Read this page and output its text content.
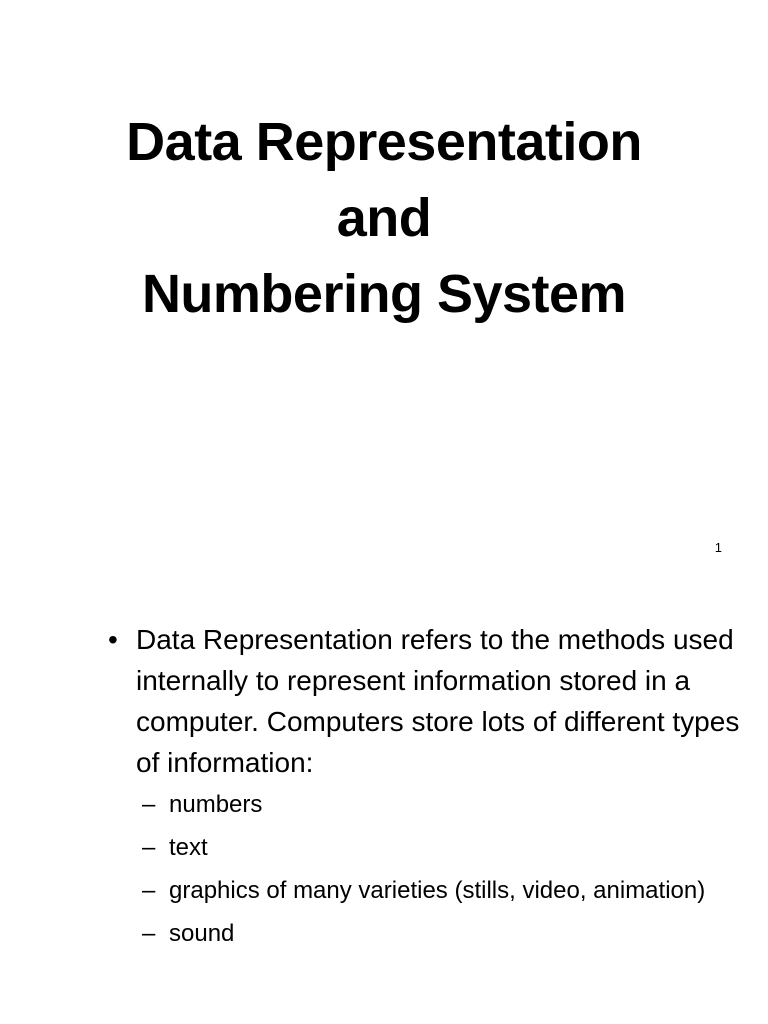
Data Representation
and
Numbering System
1
• Data Representation refers to the methods used internally to represent information stored in a computer. Computers store lots of different types of information:
– numbers
– text
– graphics of many varieties (stills, video, animation)
– sound
